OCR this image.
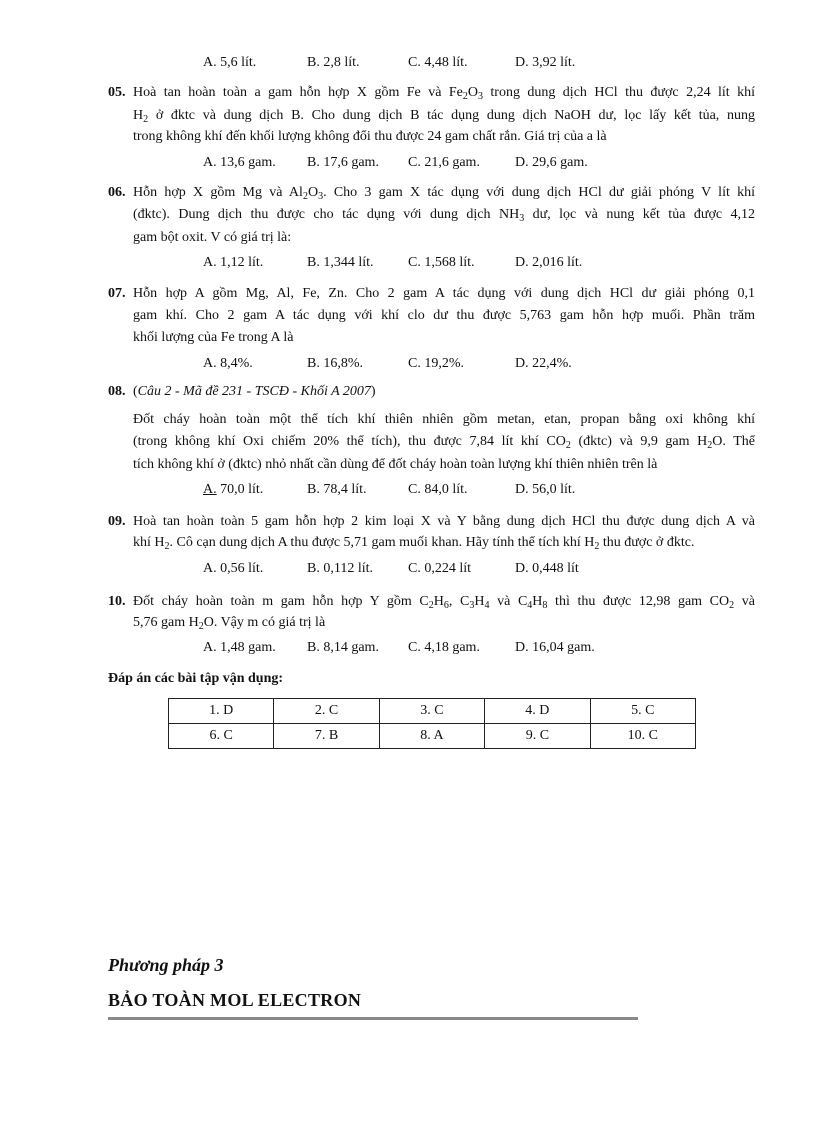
A. 5,6 lít.	B. 2,8 lít.	C. 4,48 lít.	D. 3,92 lít.
05. Hoà tan hoàn toàn a gam hỗn hợp X gồm Fe và $Fe_2O_3$ trong dung dịch HCl thu được 2,24 lít khí
$H_2$ ở đktc và dung dịch B. Cho dung dịch B tác dụng dung dịch NaOH dư, lọc lấy kết tủa, nung
trong không khí đến khối lượng không đổi thu được 24 gam chất rắn. Giá trị của a là
A. 13,6 gam. B. 17,6 gam. C. 21,6 gam.	D. 29,6 gam.
06. Hỗn hợp X gồm Mg và $Al_2O_3$. Cho 3 gam X tác dụng với dung dịch HCl dư giải phóng V lít khí
(đktc). Dung dịch thu được cho tác dụng với dung dịch $NH_3$ dư, lọc và nung kết tủa được 4,12
gam bột oxit. V có giá trị là:
A. 1,12 lít.	B. 1,344 lít. C. 1,568 lít.	D. 2,016 lít.
07. Hỗn hợp A gồm Mg, Al, Fe, Zn. Cho 2 gam A tác dụng với dung dịch HCl dư giải phóng 0,1
gam khí. Cho 2 gam A tác dụng với khí clo dư thu được 5,763 gam hỗn hợp muối. Phần trăm
khối lượng của Fe trong A là
A. 8,4%.	B. 16,8%.	C. 19,2%.	D. 22,4%.
08. (Câu 2 - Mã đề 231 - TSCĐ - Khối A 2007)
Đốt cháy hoàn toàn một thể tích khí thiên nhiên gồm metan, etan, propan bằng oxi không khí
(trong không khí Oxi chiếm 20% thể tích), thu được 7,84 lít khí $CO_2$ (đktc) và 9,9 gam $H_2O$. Thể
tích không khí ở (đktc) nhỏ nhất cần dùng để đốt cháy hoàn toàn lượng khí thiên nhiên trên là
A. 70,0 lít.	B. 78,4 lít.	C. 84,0 lít.	D. 56,0 lít.
09. Hoà tan hoàn toàn 5 gam hỗn hợp 2 kim loại X và Y bằng dung dịch HCl thu được dung dịch A và
khí $H_2$. Cô cạn dung dịch A thu được 5,71 gam muối khan. Hãy tính thể tích khí $H_2$ thu được ở đktc.
A. 0,56 lít.	B. 0,112 lít.	C. 0,224 lít	D. 0,448 lít
10. Đốt cháy hoàn toàn m gam hỗn hợp Y gồm $C_2H_6$, $C_3H_4$ và $C_4H_8$ thì thu được 12,98 gam $CO_2$ và
5,76 gam $H_2O$. Vậy m có giá trị là
A. 1,48 gam. B. 8,14 gam. C. 4,18 gam.	D. 16,04 gam.
Đáp án các bài tập vận dụng:
1. D	2. C	3. C	4. D	5. C
6. C	7. B	8. A	9. C	10. C
Phương pháp 3
BẢO TOÀN MOL ELECTRON
